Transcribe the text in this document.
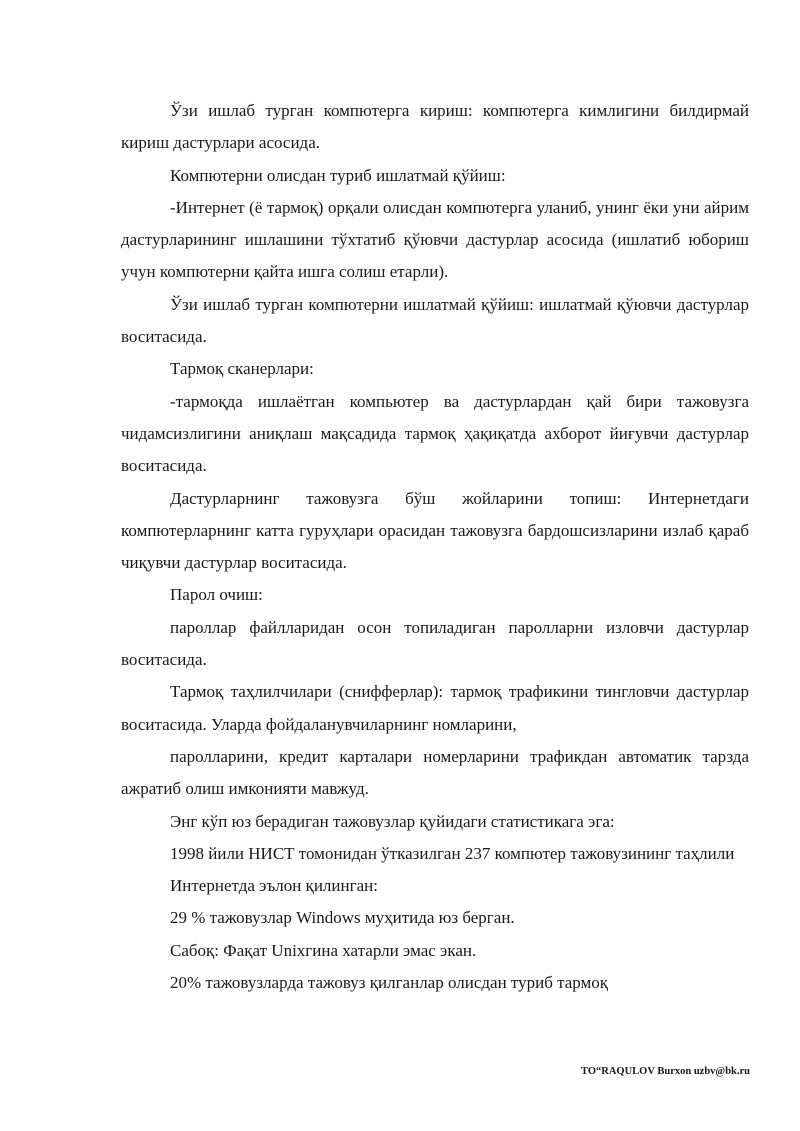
Ўзи ишлаб турган компютерга кириш: компютерга кимлигини билдирмай кириш дастурлари асосида.

Компютерни олисдан туриб ишлатмай қўйиш:

-Интернет (ё тармоқ) орқали олисдан компютерга уланиб, унинг ёки уни айрим дастурларининг ишлашини тўхтатиб қўювчи дастурлар асосида (ишлатиб юбориш учун компютерни қайта ишга солиш етарли).

Ўзи ишлаб турган компютерни ишлатмай қўйиш: ишлатмай қўювчи дастурлар воситасида.

Тармоқ сканерлари:

-тармоқда ишлаётган компьютер ва дастурлардан қай бири тажовузга чидамсизлигини аниқлаш мақсадида тармоқ ҳақиқатда ахборот йиғувчи дастурлар воситасида.

Дастурларнинг тажовузга бўш жойларини топиш: Интернетдаги компютерларнинг катта гуруҳлари орасидан тажовузга бардошсизларини излаб қараб чиқувчи дастурлар воситасида.

Парол очиш:

пароллар файлларидан осон топиладиган паролларни изловчи дастурлар воситасида.

Тармоқ таҳлилчилари (снифферлар): тармоқ трафикини тингловчи дастурлар воситасида. Уларда фойдаланувчиларнинг номларини,

паролларини, кредит карталари номерларини трафикдан автоматик тарзда ажратиб олиш имконияти мавжуд.

Энг кўп юз берадиган тажовузлар қуйидаги статистикага эга:

1998 йили НИСТ томонидан ўтказилган 237 компютер тажовузининг таҳлили

Интернетда эълон қилинган:

29 % тажовузлар Windows муҳитида юз берган.

Сабоқ: Фақат Unixгина хатарли эмас экан.

20% тажовузларда тажовуз қилганлар олисдан туриб тармоқ

TO“RAQULOV Burxon uzbv@bk.ru
